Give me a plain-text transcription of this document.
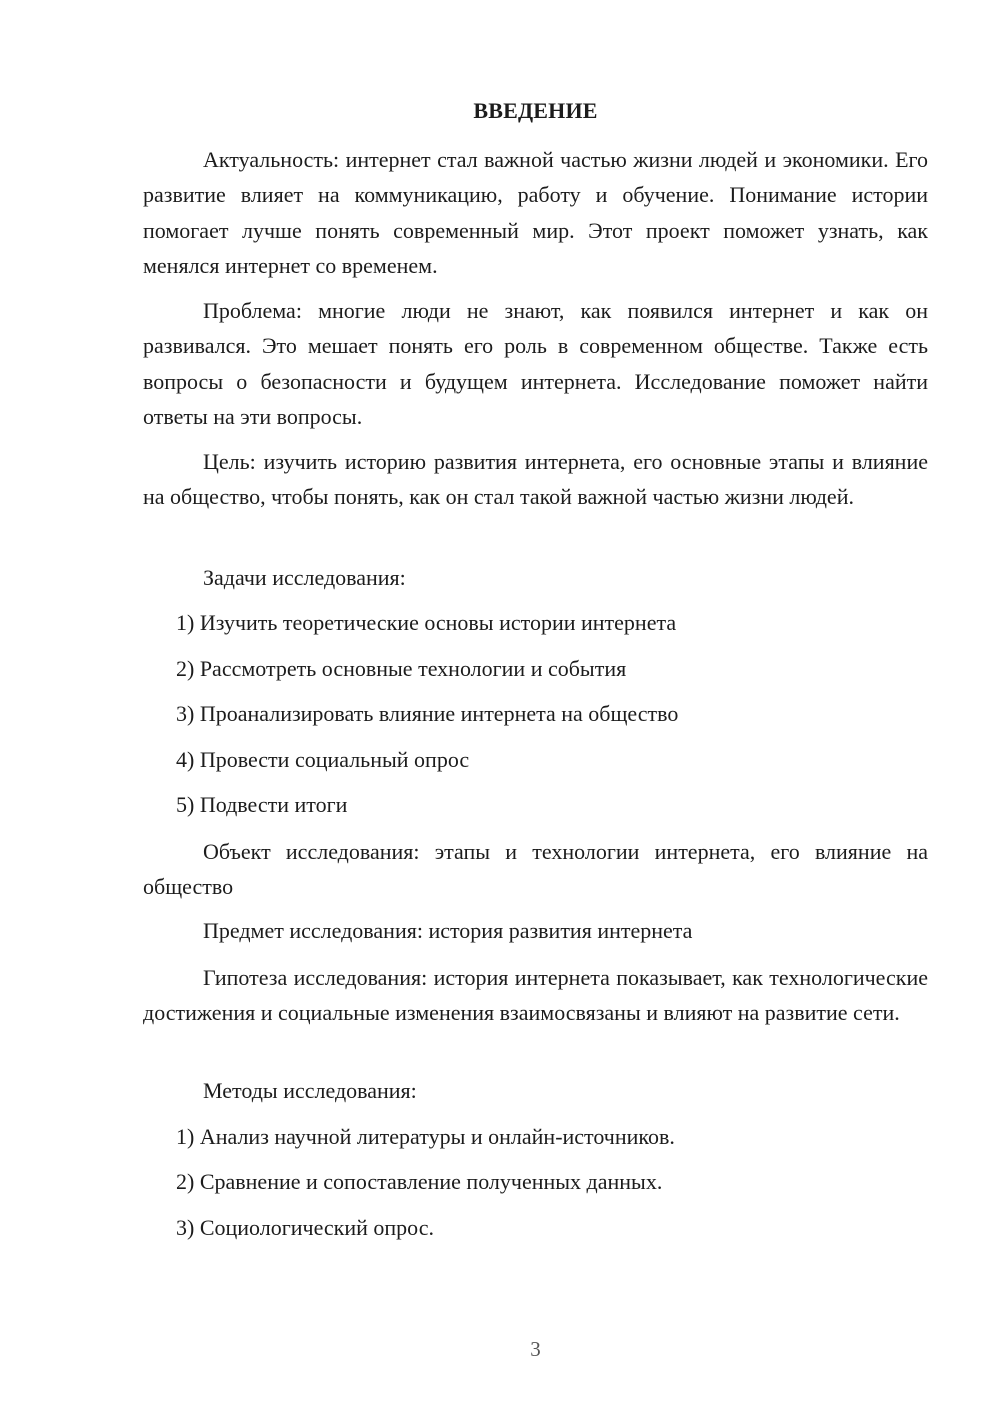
ВВЕДЕНИЕ

Актуальность: интернет стал важной частью жизни людей и экономики. Его развитие влияет на коммуникацию, работу и обучение. Понимание истории помогает лучше понять современный мир. Этот проект поможет узнать, как менялся интернет со временем.

Проблема: многие люди не знают, как появился интернет и как он развивался. Это мешает понять его роль в современном обществе. Также есть вопросы о безопасности и будущем интернета. Исследование поможет найти ответы на эти вопросы.

Цель: изучить историю развития интернета, его основные этапы и влияние на общество, чтобы понять, как он стал такой важной частью жизни людей.

Задачи исследования:
1) Изучить теоретические основы истории интернета
2) Рассмотреть основные технологии и события
3) Проанализировать влияние интернета на общество
4) Провести социальный опрос
5) Подвести итоги

Объект исследования: этапы и технологии интернета, его влияние на общество

Предмет исследования: история развития интернета

Гипотеза исследования: история интернета показывает, как технологические достижения и социальные изменения взаимосвязаны и влияют на развитие сети.

Методы исследования:
1) Анализ научной литературы и онлайн-источников.
2) Сравнение и сопоставление полученных данных.
3) Социологический опрос.
3
